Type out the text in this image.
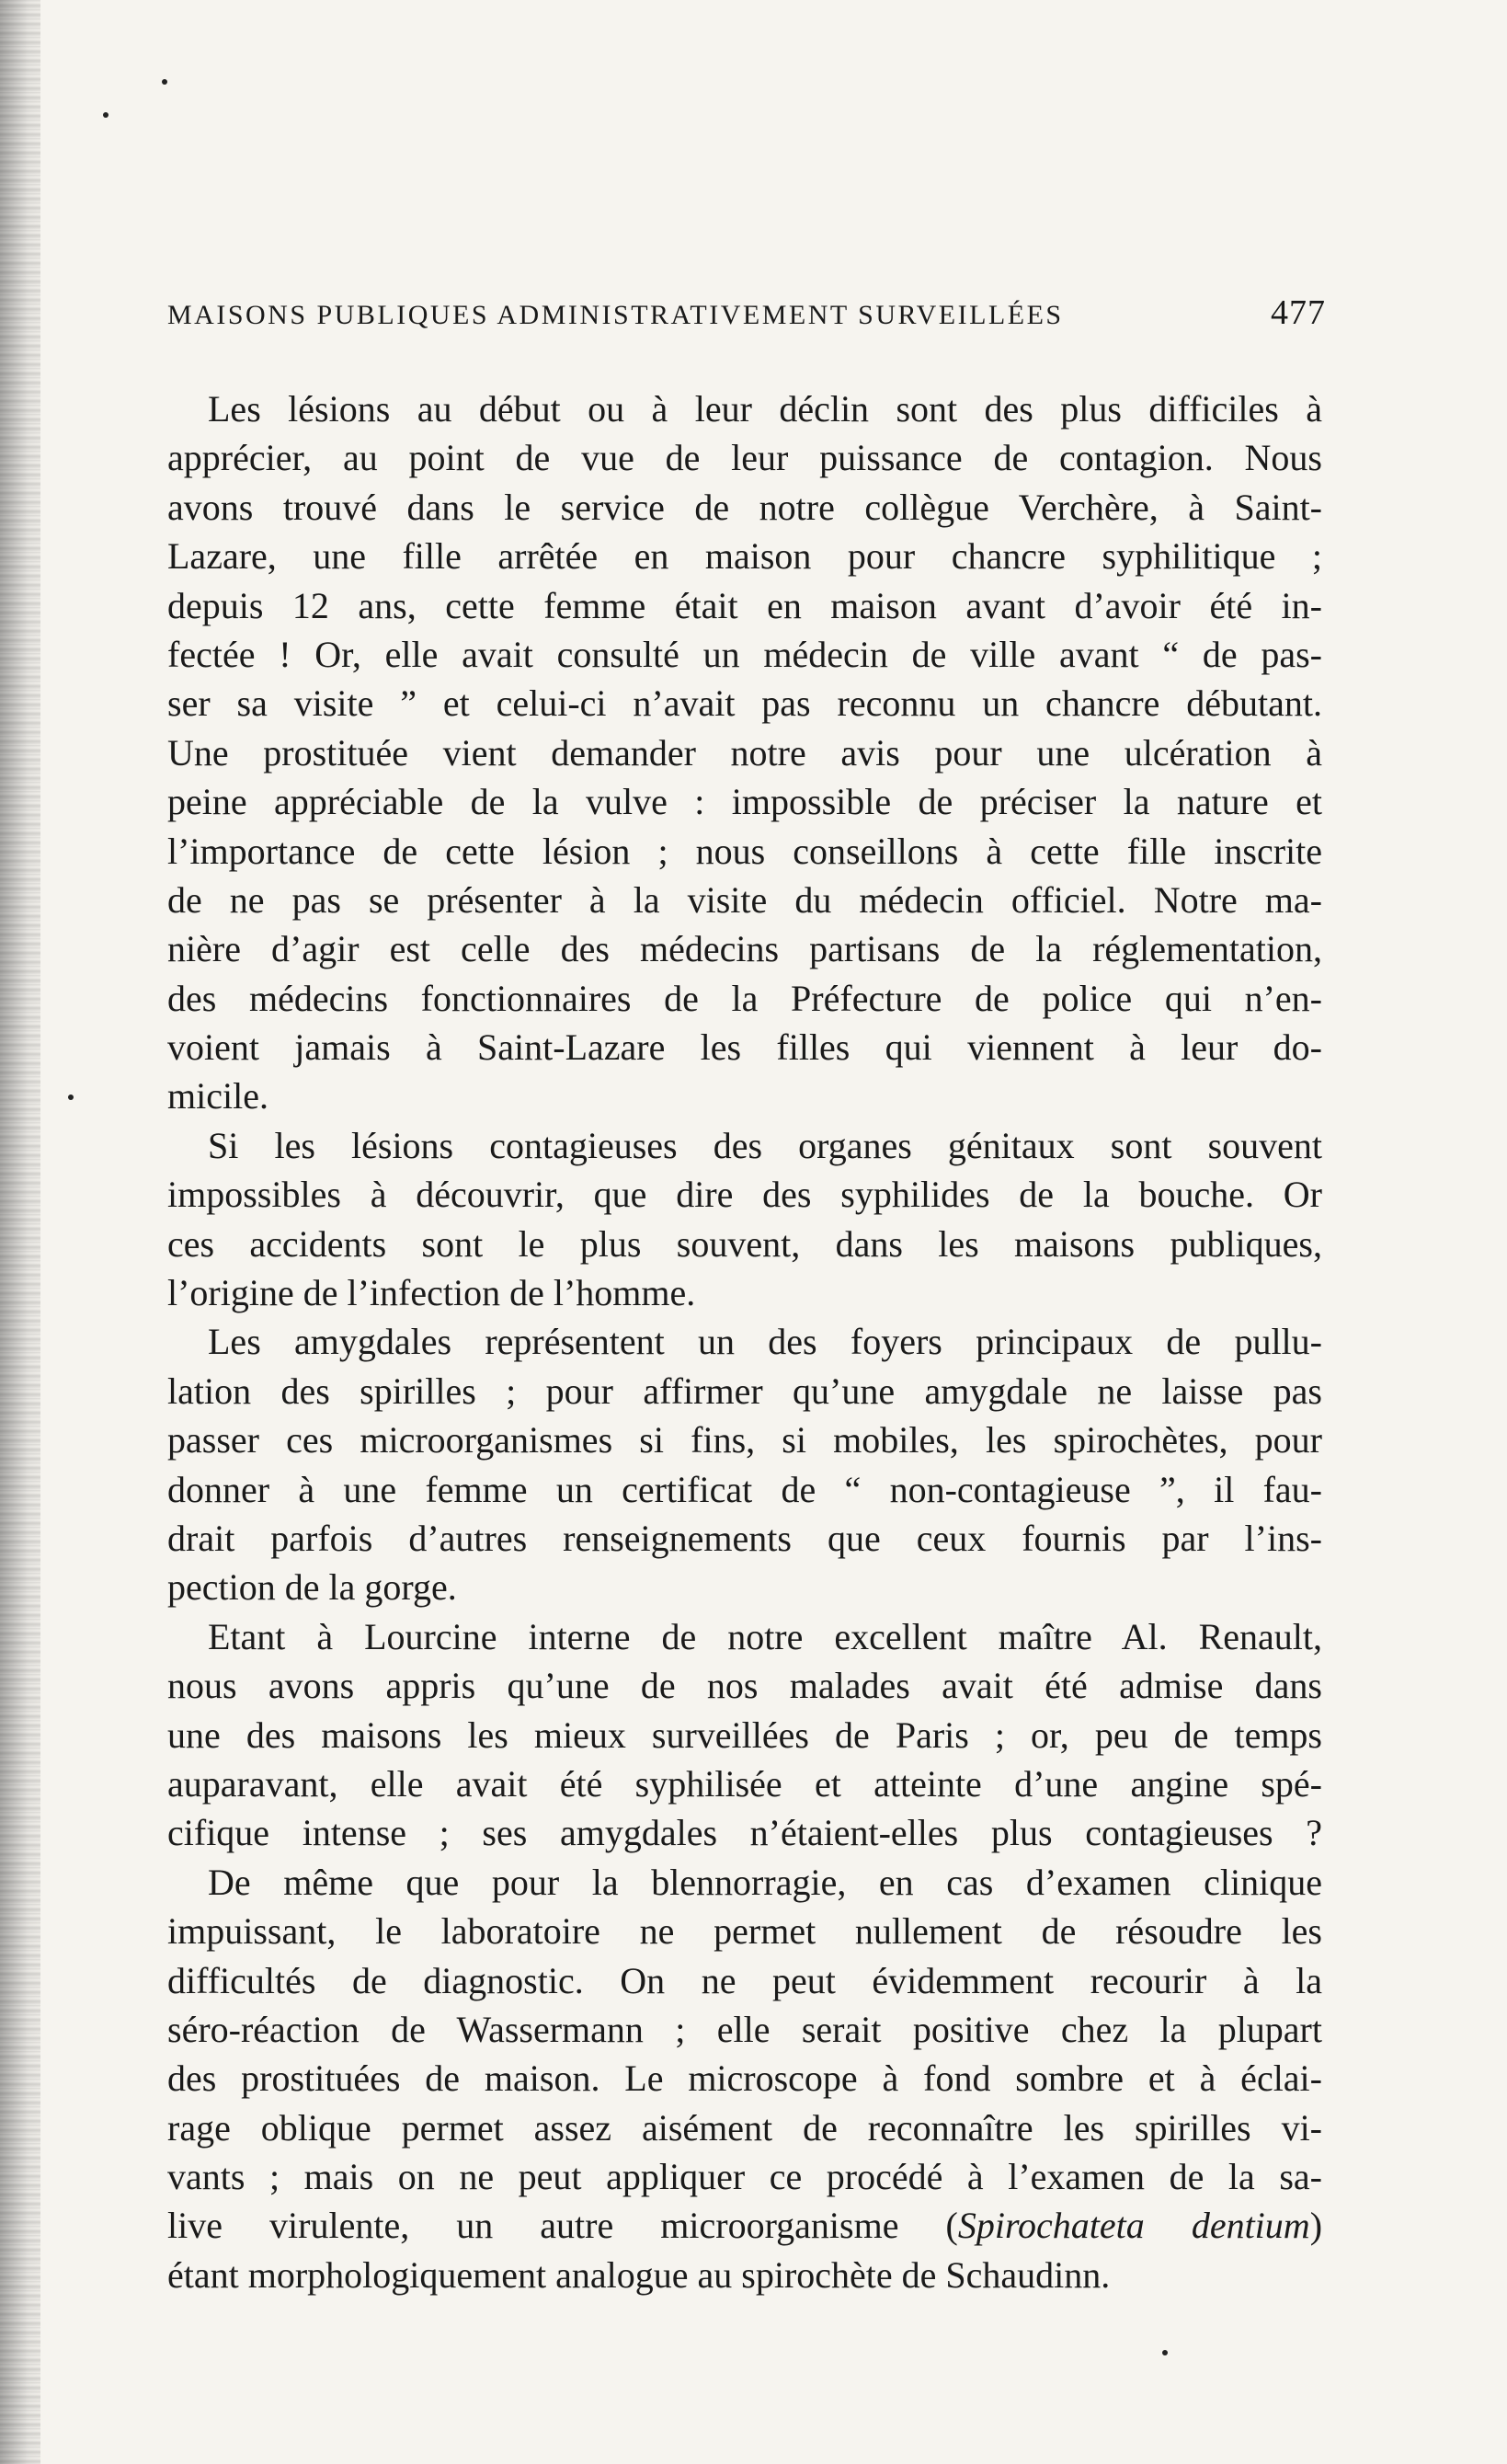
MAISONS PUBLIQUES ADMINISTRATIVEMENT SURVEILLÉES	477
Les lésions au début ou à leur déclin sont des plus difficiles à
apprécier, au point de vue de leur puissance de contagion. Nous
avons trouvé dans le service de notre collègue Verchère, à Saint-
Lazare, une fille arrêtée en maison pour chancre syphilitique ;
depuis 12 ans, cette femme était en maison avant d’avoir été in-
fectée ! Or, elle avait consulté un médecin de ville avant “ de pas-
ser sa visite ” et celui-ci n’avait pas reconnu un chancre débutant.
Une prostituée vient demander notre avis pour une ulcération à
peine appréciable de la vulve : impossible de préciser la nature et
l’importance de cette lésion ; nous conseillons à cette fille inscrite
de ne pas se présenter à la visite du médecin officiel. Notre ma-
nière d’agir est celle des médecins partisans de la réglementation,
des médecins fonctionnaires de la Préfecture de police qui n’en-
voient jamais à Saint-Lazare les filles qui viennent à leur do-
micile.
Si les lésions contagieuses des organes génitaux sont souvent
impossibles à découvrir, que dire des syphilides de la bouche. Or
ces accidents sont le plus souvent, dans les maisons publiques,
l’origine de l’infection de l’homme.
Les amygdales représentent un des foyers principaux de pullu-
lation des spirilles ; pour affirmer qu’une amygdale ne laisse pas
passer ces microorganismes si fins, si mobiles, les spirochètes, pour
donner à une femme un certificat de “ non-contagieuse ”, il fau-
drait parfois d’autres renseignements que ceux fournis par l’ins-
pection de la gorge.
Etant à Lourcine interne de notre excellent maître Al. Renault,
nous avons appris qu’une de nos malades avait été admise dans
une des maisons les mieux surveillées de Paris ; or, peu de temps
auparavant, elle avait été syphilisée et atteinte d’une angine spé-
cifique intense ; ses amygdales n’étaient-elles plus contagieuses ?
De même que pour la blennorragie, en cas d’examen clinique
impuissant, le laboratoire ne permet nullement de résoudre les
difficultés de diagnostic. On ne peut évidemment recourir à la
séro-réaction de Wassermann ; elle serait positive chez la plupart
des prostituées de maison. Le microscope à fond sombre et à éclai-
rage oblique permet assez aisément de reconnaître les spirilles vi-
vants ; mais on ne peut appliquer ce procédé à l’examen de la sa-
live virulente, un autre microorganisme (Spirochateta dentium)
étant morphologiquement analogue au spirochète de Schaudinn.
